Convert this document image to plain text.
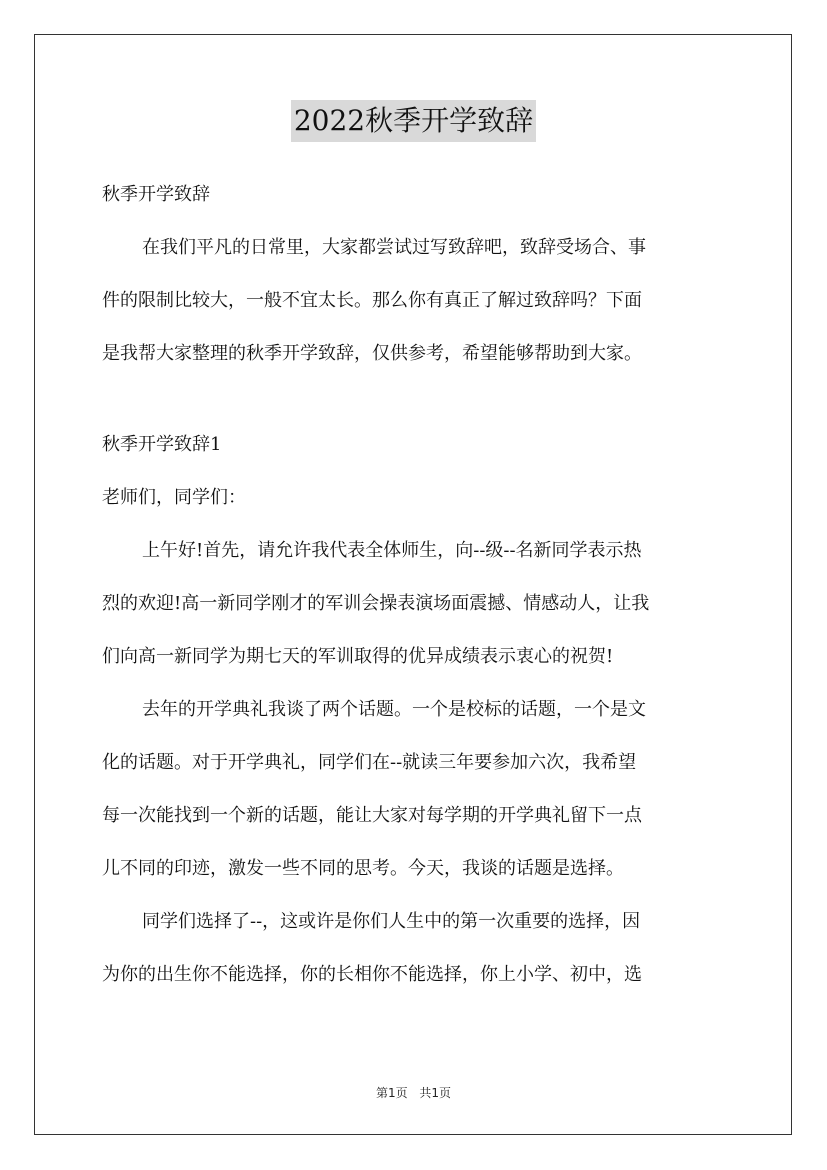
2022秋季开学致辞
秋季开学致辞
在我们平凡的日常里，大家都尝试过写致辞吧，致辞受场合、事
件的限制比较大，一般不宜太长。那么你有真正了解过致辞吗？下面
是我帮大家整理的秋季开学致辞，仅供参考，希望能够帮助到大家。
秋季开学致辞1
老师们，同学们：
上午好!首先，请允许我代表全体师生，向--级--名新同学表示热
烈的欢迎!高一新同学刚才的军训会操表演场面震撼、情感动人，让我
们向高一新同学为期七天的军训取得的优异成绩表示衷心的祝贺!
去年的开学典礼我谈了两个话题。一个是校标的话题，一个是文
化的话题。对于开学典礼，同学们在--就读三年要参加六次，我希望
每一次能找到一个新的话题，能让大家对每学期的开学典礼留下一点
儿不同的印迹，激发一些不同的思考。今天，我谈的话题是选择。
同学们选择了--，这或许是你们人生中的第一次重要的选择，因
为你的出生你不能选择，你的长相你不能选择，你上小学、初中，选
第1页 共1页
